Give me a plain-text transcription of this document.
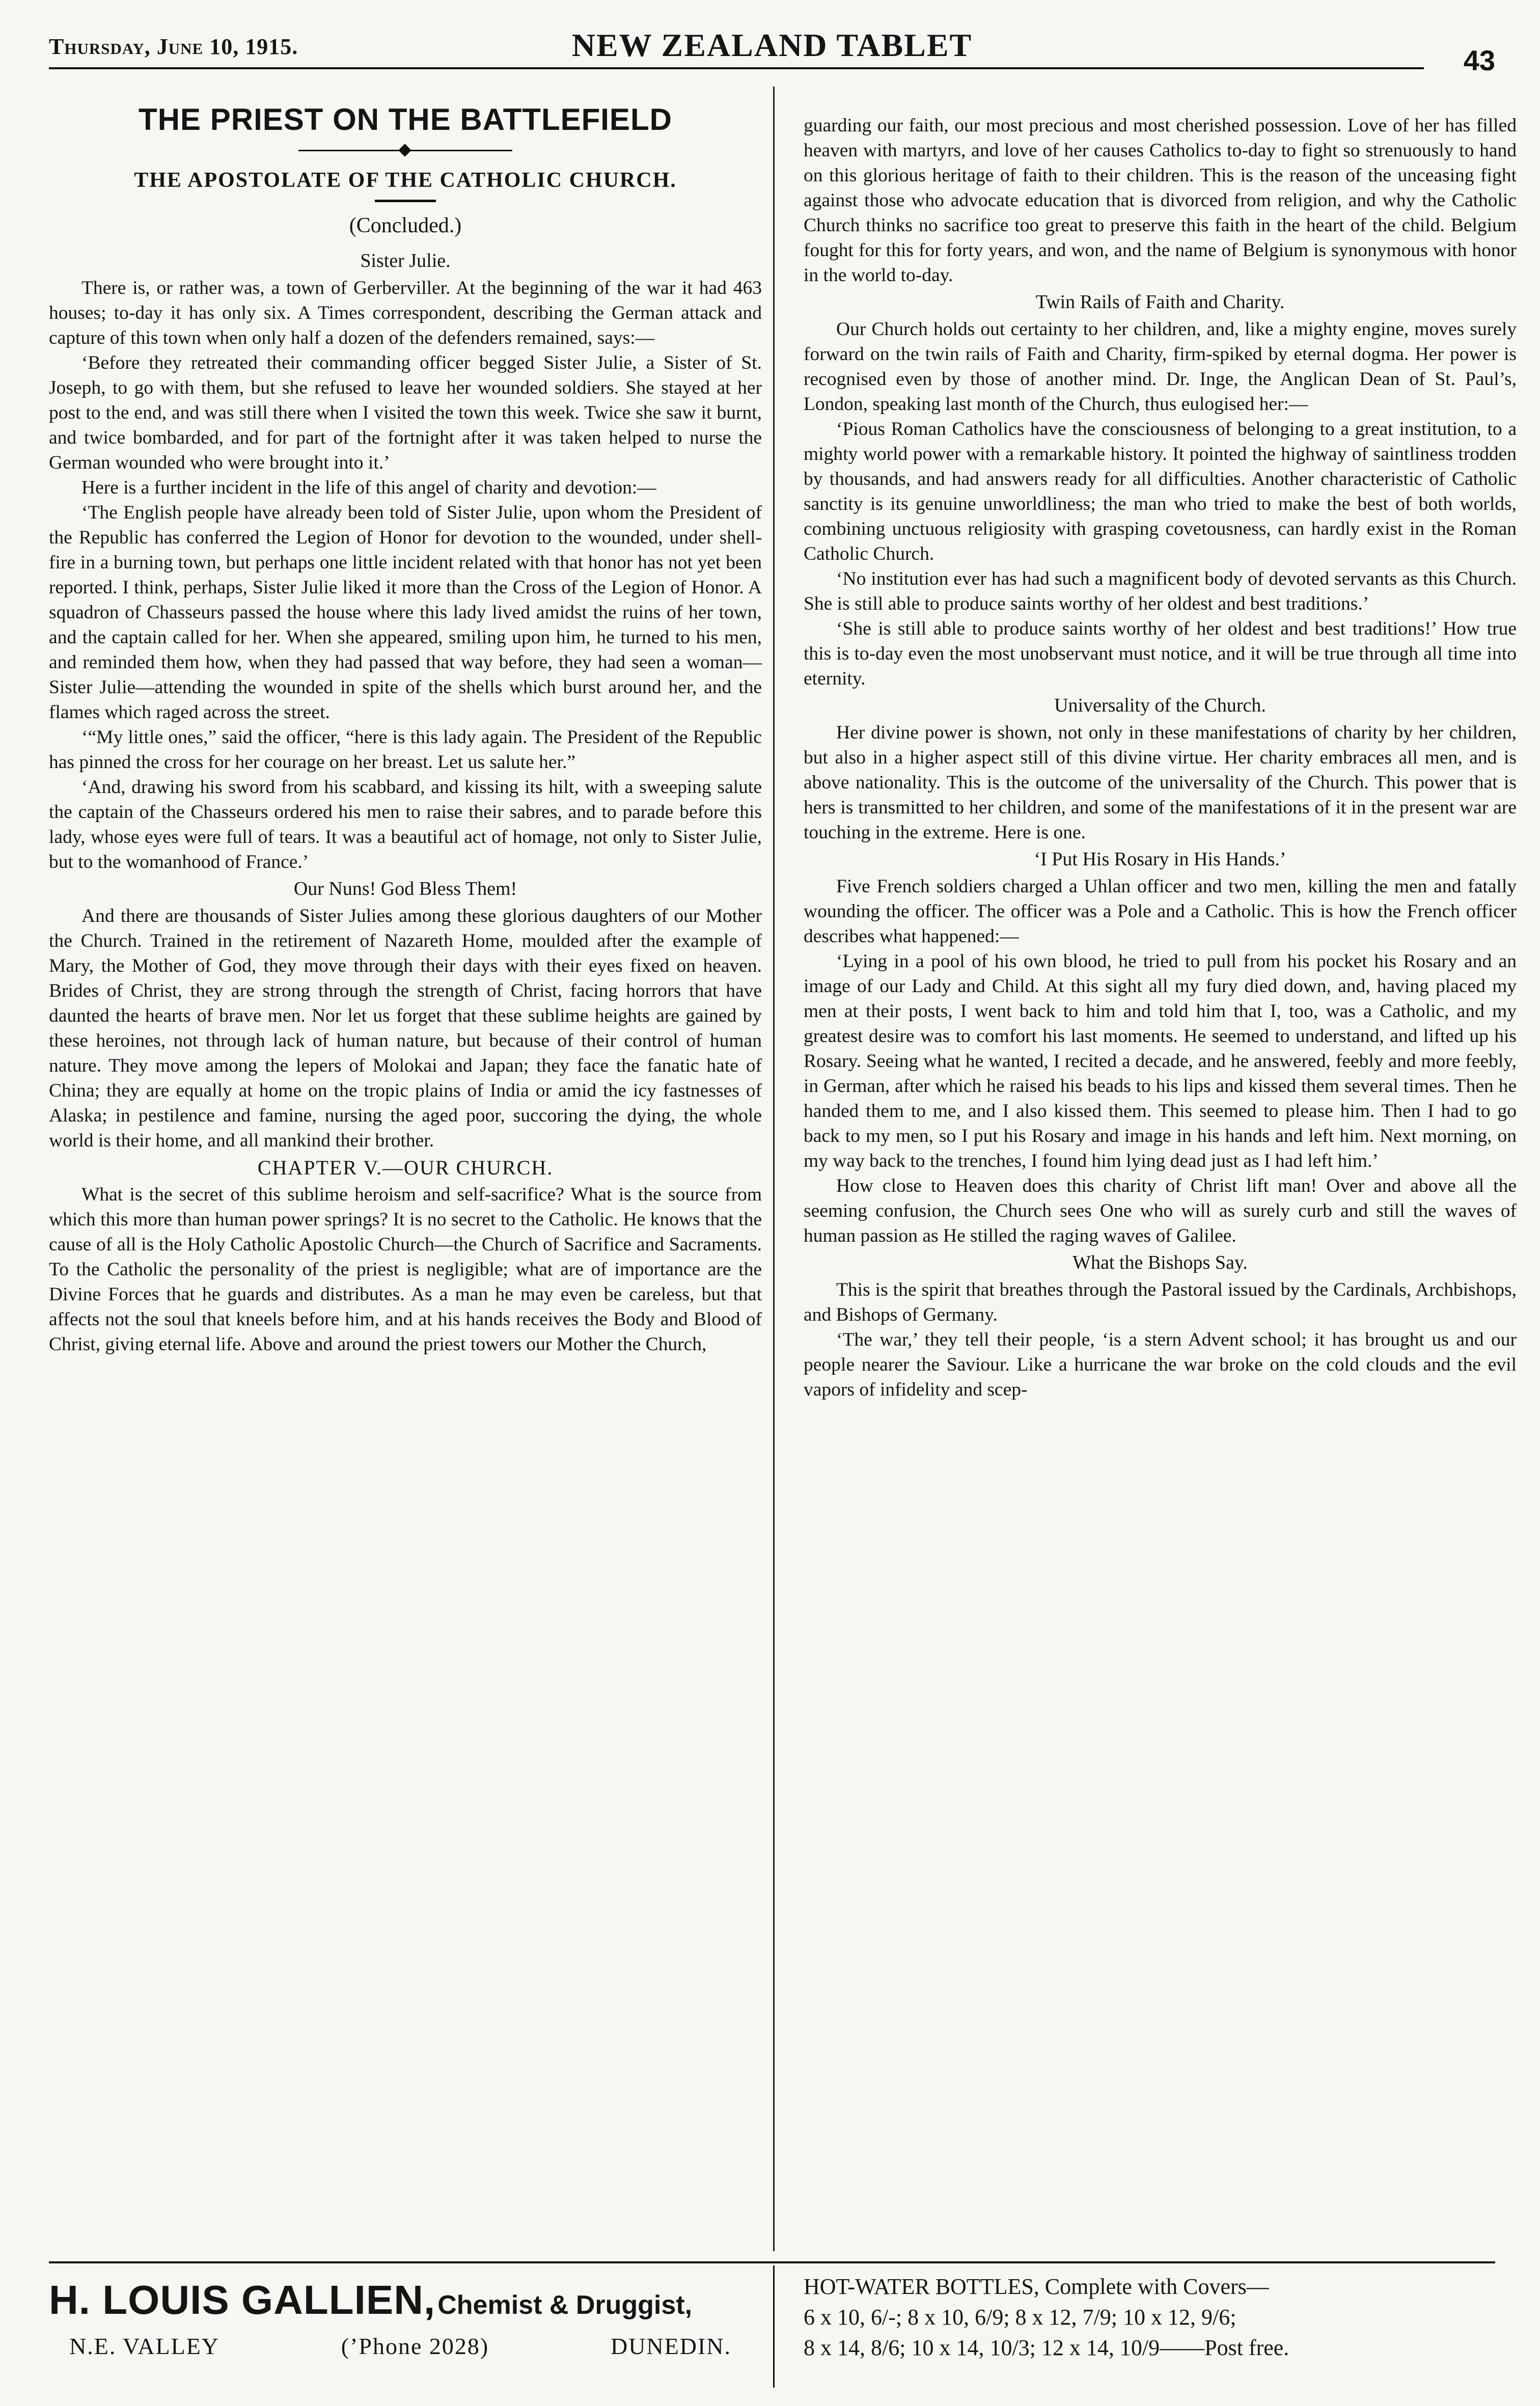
Thursday, June 10, 1915.	NEW ZEALAND TABLET	43
THE PRIEST ON THE BATTLEFIELD
THE APOSTOLATE OF THE CATHOLIC CHURCH.
(Concluded.)
Sister Julie.

There is, or rather was, a town of Gerberviller. At the beginning of the war it had 463 houses; to-day it has only six. A Times correspondent, describing the German attack and capture of this town when only half a dozen of the defenders remained, says:—

‘Before they retreated their commanding officer begged Sister Julie, a Sister of St. Joseph, to go with them, but she refused to leave her wounded soldiers. She stayed at her post to the end, and was still there when I visited the town this week. Twice she saw it burnt, and twice bombarded, and for part of the fortnight after it was taken helped to nurse the German wounded who were brought into it.’

Here is a further incident in the life of this angel of charity and devotion:—

‘The English people have already been told of Sister Julie, upon whom the President of the Republic has conferred the Legion of Honor for devotion to the wounded, under shell-fire in a burning town, but perhaps one little incident related with that honor has not yet been reported. I think, perhaps, Sister Julie liked it more than the Cross of the Legion of Honor. A squadron of Chasseurs passed the house where this lady lived amidst the ruins of her town, and the captain called for her. When she appeared, smiling upon him, he turned to his men, and reminded them how, when they had passed that way before, they had seen a woman—Sister Julie—attending the wounded in spite of the shells which burst around her, and the flames which raged across the street.

‘“My little ones,” said the officer, “here is this lady again. The President of the Republic has pinned the cross for her courage on her breast. Let us salute her.”

‘And, drawing his sword from his scabbard, and kissing its hilt, with a sweeping salute the captain of the Chasseurs ordered his men to raise their sabres, and to parade before this lady, whose eyes were full of tears. It was a beautiful act of homage, not only to Sister Julie, but to the womanhood of France.’

Our Nuns! God Bless Them!

And there are thousands of Sister Julies among these glorious daughters of our Mother the Church. Trained in the retirement of Nazareth Home, moulded after the example of Mary, the Mother of God, they move through their days with their eyes fixed on heaven. Brides of Christ, they are strong through the strength of Christ, facing horrors that have daunted the hearts of brave men. Nor let us forget that these sublime heights are gained by these heroines, not through lack of human nature, but because of their control of human nature. They move among the lepers of Molokai and Japan; they face the fanatic hate of China; they are equally at home on the tropic plains of India or amid the icy fastnesses of Alaska; in pestilence and famine, nursing the aged poor, succoring the dying, the whole world is their home, and all mankind their brother.

CHAPTER V.—OUR CHURCH.

What is the secret of this sublime heroism and self-sacrifice? What is the source from which this more than human power springs? It is no secret to the Catholic. He knows that the cause of all is the Holy Catholic Apostolic Church—the Church of Sacrifice and Sacraments. To the Catholic the personality of the priest is negligible; what are of importance are the Divine Forces that he guards and distributes. As a man he may even be careless, but that affects not the soul that kneels before him, and at his hands receives the Body and Blood of Christ, giving eternal life. Above and around the priest towers our Mother the Church,

guarding our faith, our most precious and most cherished possession. Love of her has filled heaven with martyrs, and love of her causes Catholics to-day to fight so strenuously to hand on this glorious heritage of faith to their children. This is the reason of the unceasing fight against those who advocate education that is divorced from religion, and why the Catholic Church thinks no sacrifice too great to preserve this faith in the heart of the child. Belgium fought for this for forty years, and won, and the name of Belgium is synonymous with honor in the world to-day.

Twin Rails of Faith and Charity.

Our Church holds out certainty to her children, and, like a mighty engine, moves surely forward on the twin rails of Faith and Charity, firm-spiked by eternal dogma. Her power is recognised even by those of another mind. Dr. Inge, the Anglican Dean of St. Paul’s, London, speaking last month of the Church, thus eulogised her:—

‘Pious Roman Catholics have the consciousness of belonging to a great institution, to a mighty world power with a remarkable history. It pointed the highway of saintliness trodden by thousands, and had answers ready for all difficulties. Another characteristic of Catholic sanctity is its genuine unworldliness; the man who tried to make the best of both worlds, combining unctuous religiosity with grasping covetousness, can hardly exist in the Roman Catholic Church.

‘No institution ever has had such a magnificent body of devoted servants as this Church. She is still able to produce saints worthy of her oldest and best traditions.’

‘She is still able to produce saints worthy of her oldest and best traditions!’ How true this is to-day even the most unobservant must notice, and it will be true through all time into eternity.

Universality of the Church.

Her divine power is shown, not only in these manifestations of charity by her children, but also in a higher aspect still of this divine virtue. Her charity embraces all men, and is above nationality. This is the outcome of the universality of the Church. This power that is hers is transmitted to her children, and some of the manifestations of it in the present war are touching in the extreme. Here is one.

‘I Put His Rosary in His Hands.’

Five French soldiers charged a Uhlan officer and two men, killing the men and fatally wounding the officer. The officer was a Pole and a Catholic. This is how the French officer describes what happened:—

‘Lying in a pool of his own blood, he tried to pull from his pocket his Rosary and an image of our Lady and Child. At this sight all my fury died down, and, having placed my men at their posts, I went back to him and told him that I, too, was a Catholic, and my greatest desire was to comfort his last moments. He seemed to understand, and lifted up his Rosary. Seeing what he wanted, I recited a decade, and he answered, feebly and more feebly, in German, after which he raised his beads to his lips and kissed them several times. Then he handed them to me, and I also kissed them. This seemed to please him. Then I had to go back to my men, so I put his Rosary and image in his hands and left him. Next morning, on my way back to the trenches, I found him lying dead just as I had left him.’

How close to Heaven does this charity of Christ lift man! Over and above all the seeming confusion, the Church sees One who will as surely curb and still the waves of human passion as He stilled the raging waves of Galilee.

What the Bishops Say.

This is the spirit that breathes through the Pastoral issued by the Cardinals, Archbishops, and Bishops of Germany.

‘The war,’ they tell their people, ‘is a stern Advent school; it has brought us and our people nearer the Saviour. Like a hurricane the war broke on the cold clouds and the evil vapors of infidelity and scep-

H. LOUIS GALLIEN, Chemist & Druggist,
N.E. VALLEY	(’Phone 2028)	DUNEDIN.
HOT-WATER BOTTLES, Complete with Covers—
6 x 10, 6/-; 8 x 10, 6/9; 8 x 12, 7/9; 10 x 12, 9/6;
8 x 14, 8/6; 10 x 14, 10/3; 12 x 14, 10/9——Post free.
